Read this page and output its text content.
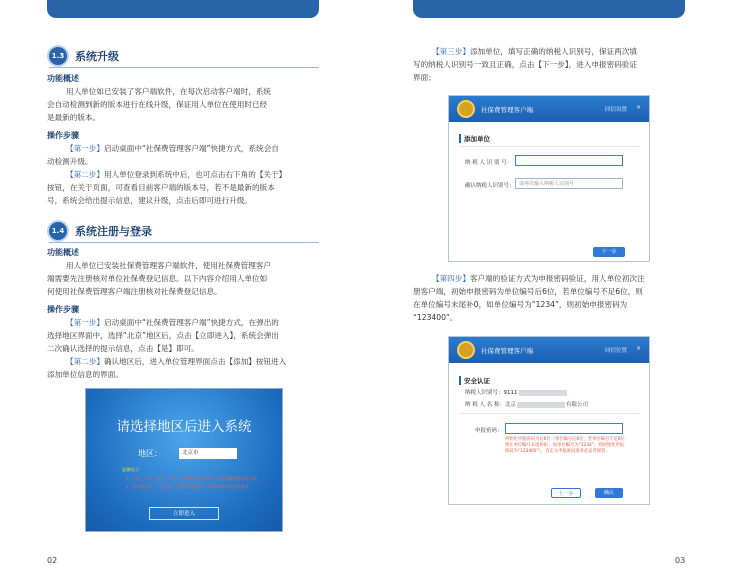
1.3 系统升级
功能概述
用人单位如已安装了客户端软件，在每次启动客户端时，系统
会自动检测到新的版本进行在线升级，保证用人单位在使用时已经
是最新的版本。
操作步骤
【第一步】启动桌面中“社保费管理客户端”快捷方式，系统会自
动检测升级。
【第二步】用人单位登录到系统中后，也可点击右下角的【关于】
按钮，在关于页面，可查看目前客户端的版本号，若不是最新的版本
号，系统会给出提示信息，建议升级，点击后即可进行升级。
1.4 系统注册与登录
功能概述
用人单位已安装社保费管理客户端软件，使用社保费管理客户
端需要先注册核对单位社保费登记信息。以下内容介绍用人单位如
何使用社保费管理客户端注册核对社保费登记信息。
操作步骤
【第一步】启动桌面中“社保费管理客户端”快捷方式，在弹出的
选择地区界面中，选择“北京”地区后，点击【立即进入】，系统会弹出
二次确认选择的提示信息，点击【是】即可。
【第二步】确认地区后，进入单位管理界面点击【添加】按钮进入
添加单位信息的界面。
请选择地区后进入系统
地区：	北京市
温馨提示：
1、大连、宁波、厦门、青岛、深圳暂仅申报外资，请到所属地税务局办理。
2、建议选择后，一经选择，选择将不能修改，请看清选择后正常使用。
立即进入
02
【第三步】添加单位，填写正确的纳税人识别号，保证两次填
写的纳税人识别号一致且正确，点击【下一步】，进入申报密码验证
界面；
社保费管理客户端	回信设置 ×
添加单位
纳 税 人 识 别 号：
确认纳税人识别号： 请再次输入纳税人识别号
下一步
【第四步】客户端的验证方式为申报密码验证，用人单位初次注
册客户端，初始申报密码为单位编号后6位，若单位编号不足6位，则
在单位编号末尾补0，如单位编号为“1234”，则初始申报密码为
“123400”。
社保费管理客户端	回信位置 ×
安全认证
纳税人识别号：9111
纳 税 人 名 称：北京	有限公司
申报密码：
初始化申报密码为后6位（单位编号后6位，若单位编号不足6位
则在单位编号末尾补0），如单位编号为“1234”，则初始化申报
密码为“123400”），自定义申报密码请务必妥善保管。
上一步	确认
03
